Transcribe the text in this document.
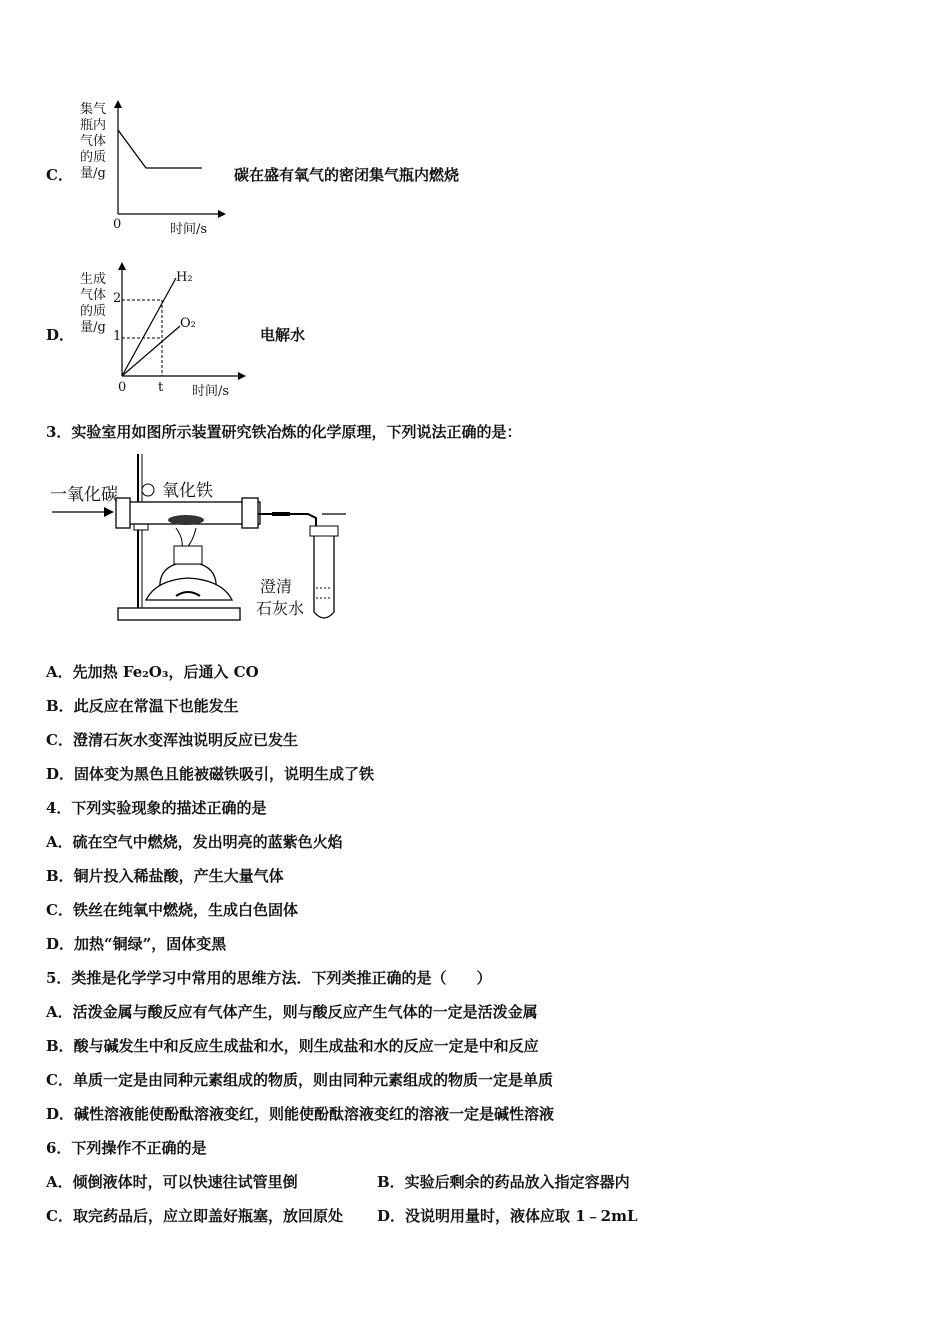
C．
集气
瓶内
气体
的质
量/g
0	时间/s
碳在盛有氧气的密闭集气瓶内燃烧
D．
生成
气体
的质
量/g
2
1
0 t 时间/s
H₂
O₂
电解水
3．实验室用如图所示装置研究铁冶炼的化学原理，下列说法正确的是：
一氧化碳	氧化铁
澄清
石灰水
A．先加热 Fe₂O₃，后通入 CO
B．此反应在常温下也能发生
C．澄清石灰水变浑浊说明反应已发生
D．固体变为黑色且能被磁铁吸引，说明生成了铁
4．下列实验现象的描述正确的是
A．硫在空气中燃烧，发出明亮的蓝紫色火焰
B．铜片投入稀盐酸，产生大量气体
C．铁丝在纯氧中燃烧，生成白色固体
D．加热“铜绿”，固体变黑
5．类推是化学学习中常用的思维方法．下列类推正确的是（　　）
A．活泼金属与酸反应有气体产生，则与酸反应产生气体的一定是活泼金属
B．酸与碱发生中和反应生成盐和水，则生成盐和水的反应一定是中和反应
C．单质一定是由同种元素组成的物质，则由同种元素组成的物质一定是单质
D．碱性溶液能使酚酞溶液变红，则能使酚酞溶液变红的溶液一定是碱性溶液
6．下列操作不正确的是
A．倾倒液体时，可以快速往试管里倒	B．实验后剩余的药品放入指定容器内
C．取完药品后，应立即盖好瓶塞，放回原处 D．没说明用量时，液体应取 1﹣2mL
